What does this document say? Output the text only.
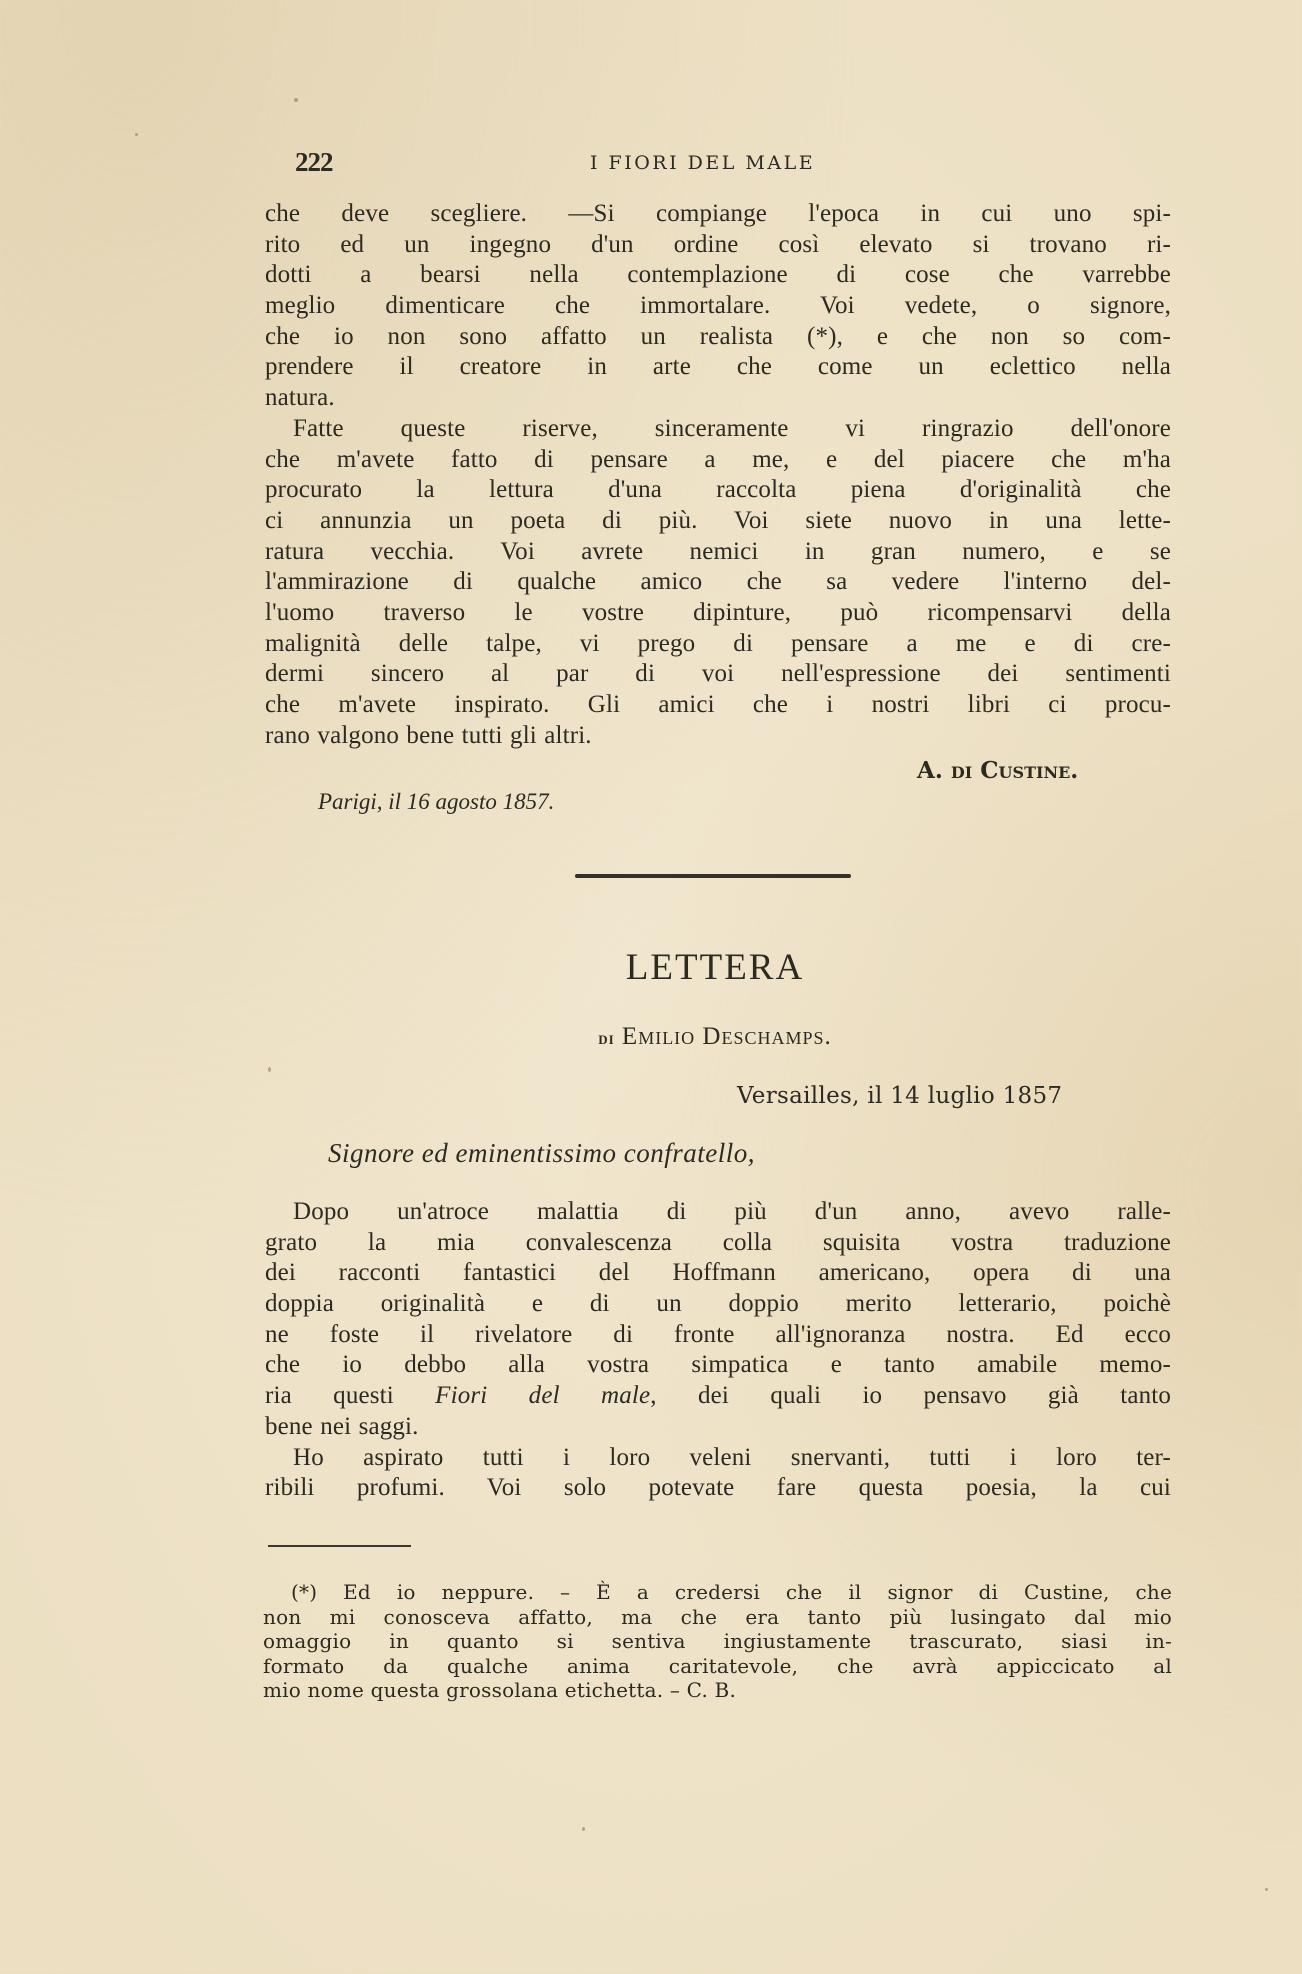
222	I FIORI DEL MALE
che deve scegliere. —Si compiange l'epoca in cui uno spi-
rito ed un ingegno d'un ordine così elevato si trovano ri-
dotti a bearsi nella contemplazione di cose che varrebbe
meglio dimenticare che immortalare. Voi vedete, o signore,
che io non sono affatto un realista (*), e che non so com-
prendere il creatore in arte che come un eclettico nella
natura.
Fatte queste riserve, sinceramente vi ringrazio dell'onore
che m'avete fatto di pensare a me, e del piacere che m'ha
procurato la lettura d'una raccolta piena d'originalità che
ci annunzia un poeta di più. Voi siete nuovo in una lette-
ratura vecchia. Voi avrete nemici in gran numero, e se
l'ammirazione di qualche amico che sa vedere l'interno del-
l'uomo traverso le vostre dipinture, può ricompensarvi della
malignità delle talpe, vi prego di pensare a me e di cre-
dermi sincero al par di voi nell'espressione dei sentimenti
che m'avete inspirato. Gli amici che i nostri libri ci procu-
rano valgono bene tutti gli altri.
A. di Custine.
Parigi, il 16 agosto 1857.
LETTERA
di Emilio Deschamps.
Versailles, il 14 luglio 1857
Signore ed eminentissimo confratello,
Dopo un'atroce malattia di più d'un anno, avevo ralle-
grato la mia convalescenza colla squisita vostra traduzione
dei racconti fantastici del Hoffmann americano, opera di una
doppia originalità e di un doppio merito letterario, poichè
ne foste il rivelatore di fronte all'ignoranza nostra. Ed ecco
che io debbo alla vostra simpatica e tanto amabile memo-
ria questi Fiori del male, dei quali io pensavo già tanto
bene nei saggi.
Ho aspirato tutti i loro veleni snervanti, tutti i loro ter-
ribili profumi. Voi solo potevate fare questa poesia, la cui
(*) Ed io neppure. – È a credersi che il signor di Custine, che
non mi conosceva affatto, ma che era tanto più lusingato dal mio
omaggio in quanto si sentiva ingiustamente trascurato, siasi in-
formato da qualche anima caritatevole, che avrà appiccicato al
mio nome questa grossolana etichetta. – C. B.
